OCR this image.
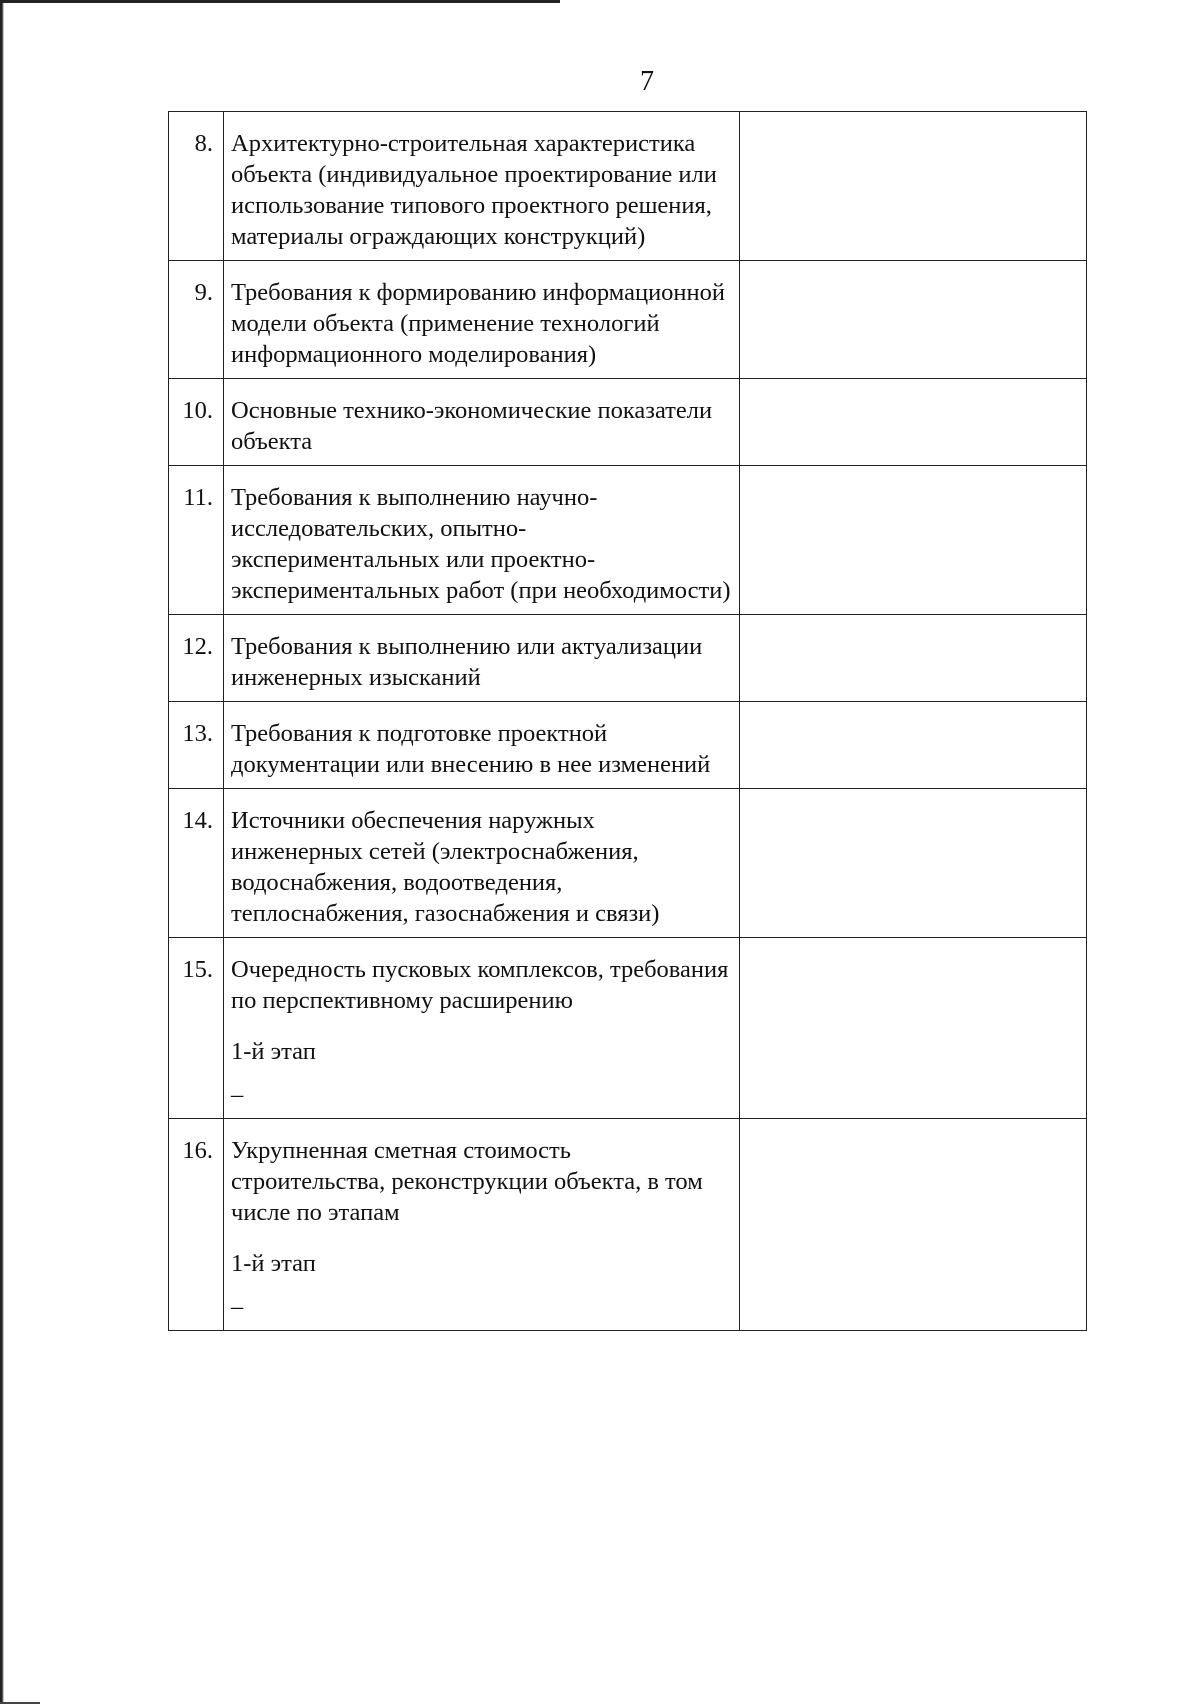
7
8.	Архитектурно-строительная характеристика объекта (индивидуальное проектирование или использование типового проектного решения, материалы ограждающих конструкций)	
9.	Требования к формированию информационной модели объекта (применение технологий информационного моделирования)	
10.	Основные технико-экономические показатели объекта	
11.	Требования к выполнению научно-исследовательских, опытно-экспериментальных или проектно-экспериментальных работ (при необходимости)	
12.	Требования к выполнению или актуализации инженерных изысканий	
13.	Требования к подготовке проектной документации или внесению в нее изменений	
14.	Источники обеспечения наружных инженерных сетей (электроснабжения, водоснабжения, водоотведения, теплоснабжения, газоснабжения и связи)	
15.	Очередность пусковых комплексов, требования по перспективному расширению
1-й этап
–	

16.	Укрупненная сметная стоимость строительства, реконструкции объекта, в том числе по этапам
1-й этап
–	
